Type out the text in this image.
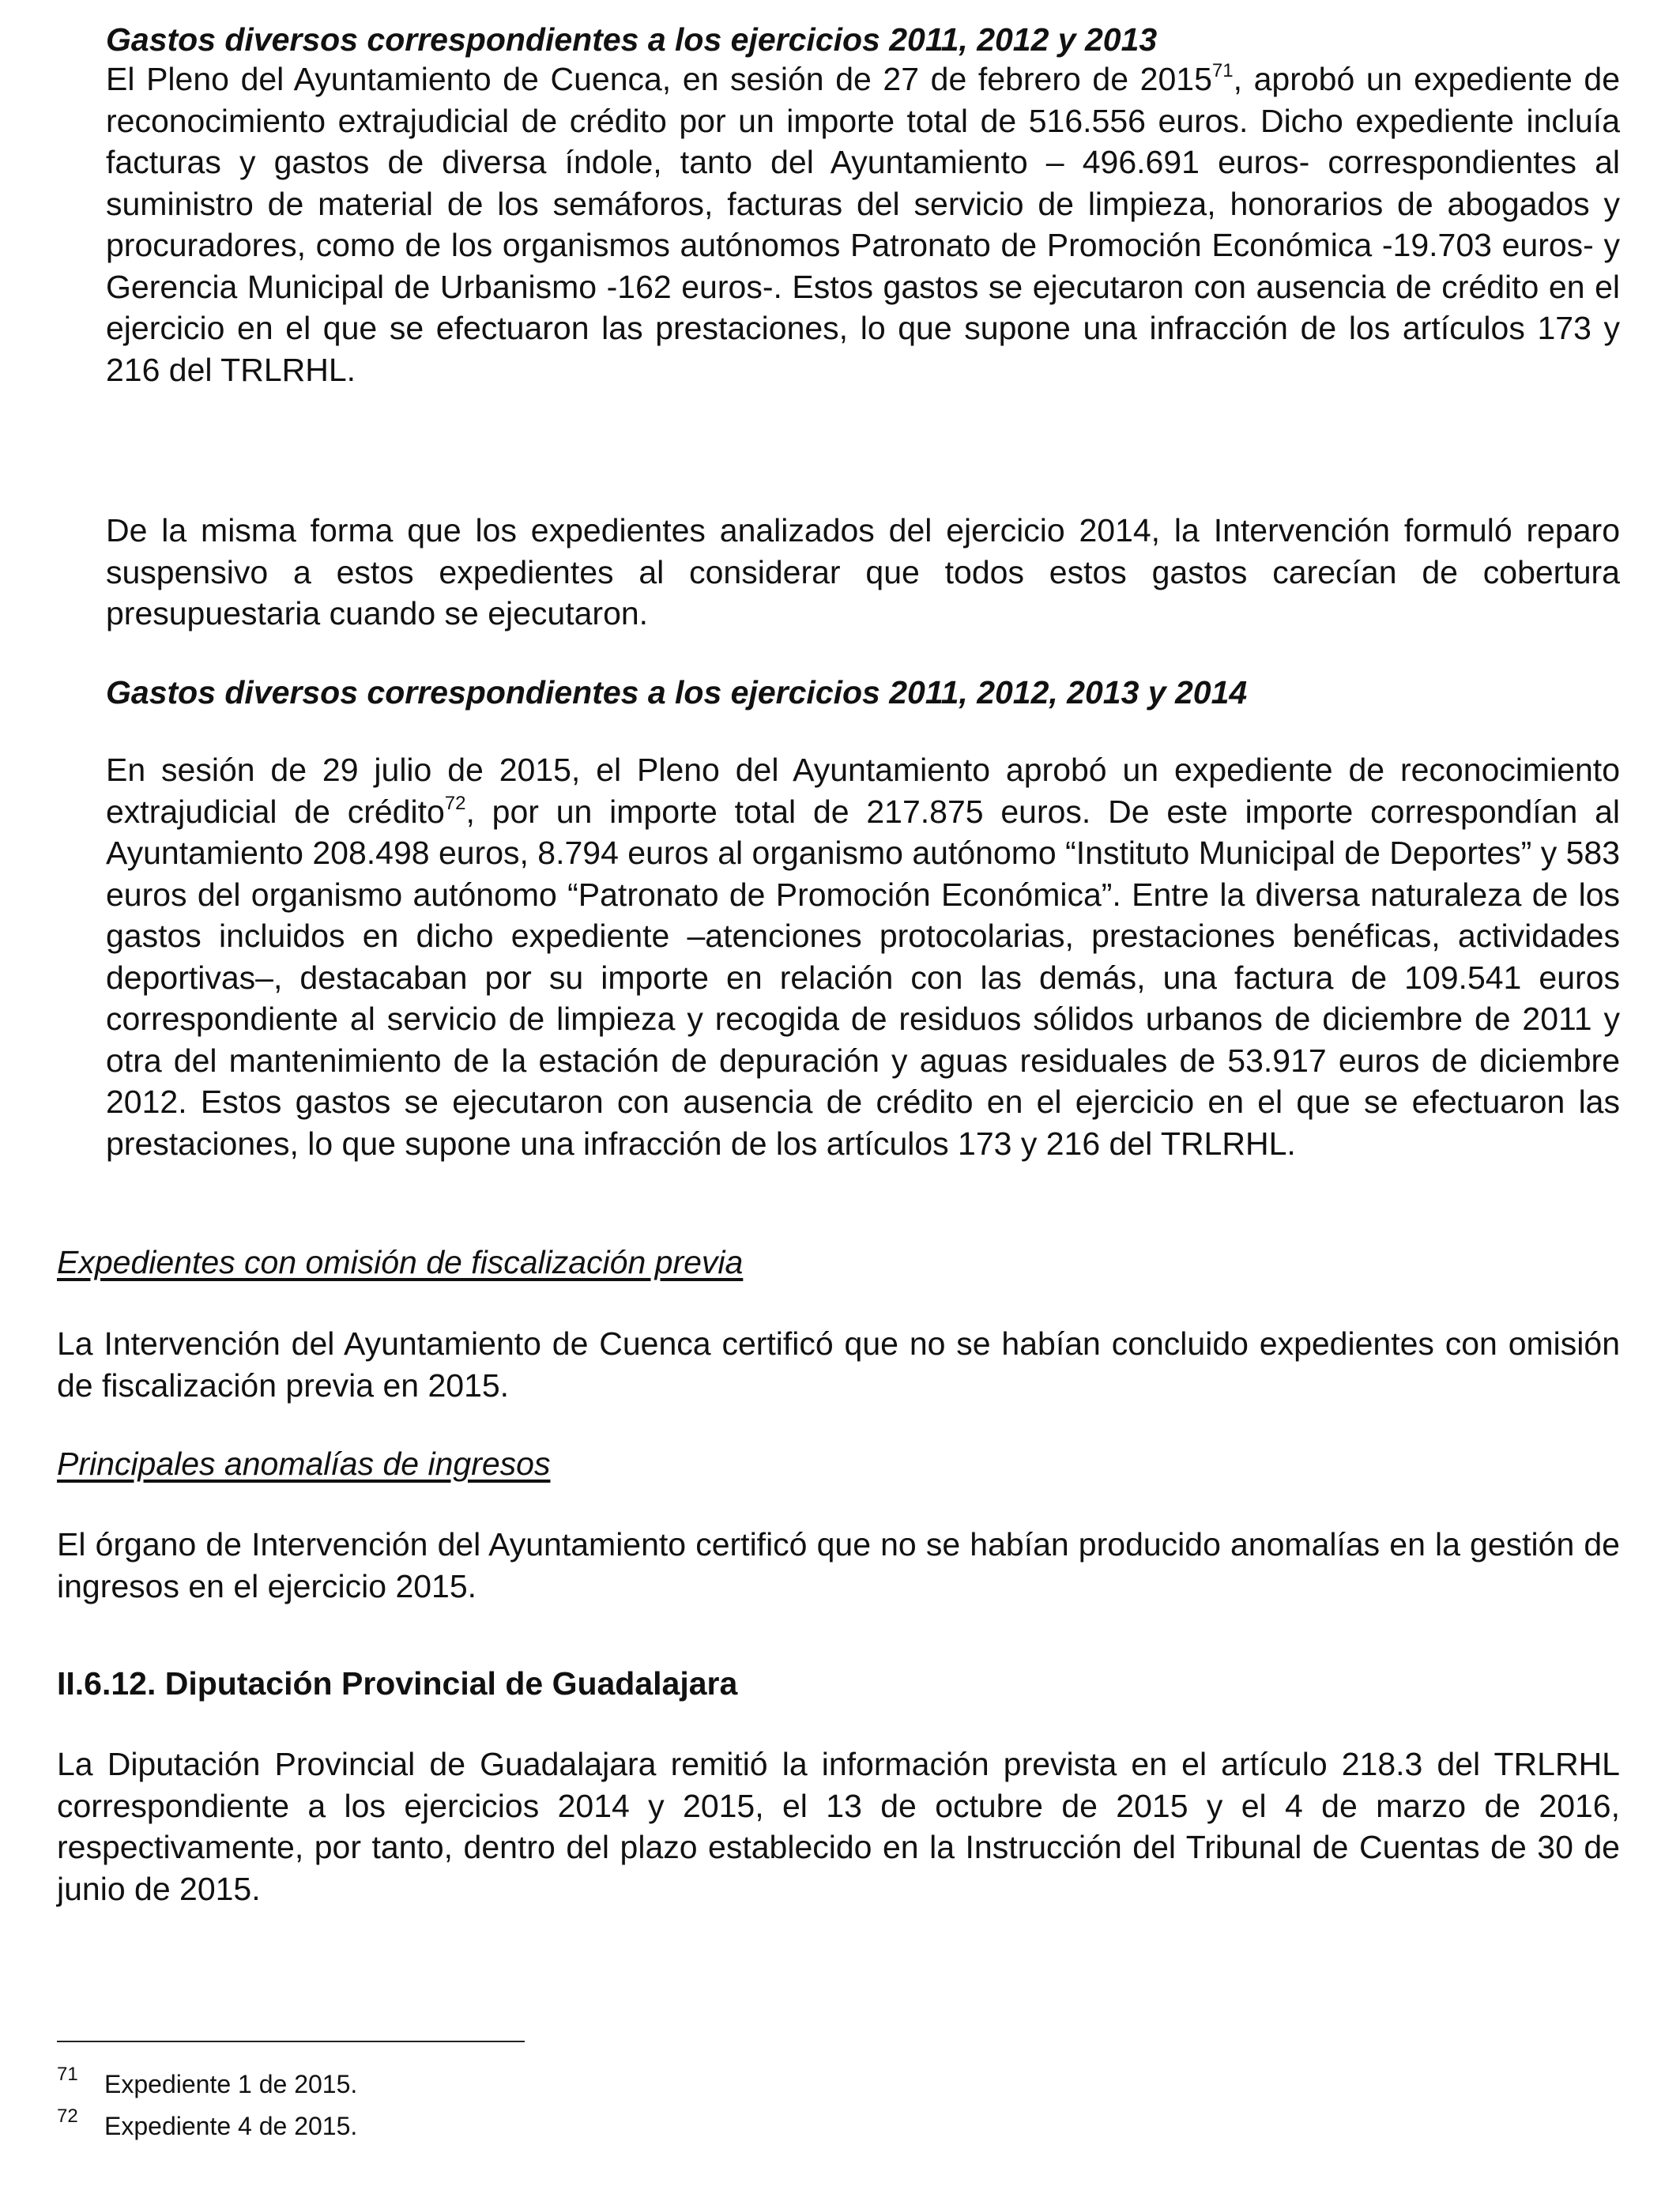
Gastos diversos correspondientes a los ejercicios 2011, 2012 y 2013

El Pleno del Ayuntamiento de Cuenca, en sesión de 27 de febrero de 2015$^{71}$, aprobó un expediente de reconocimiento extrajudicial de crédito por un importe total de 516.556 euros. Dicho expediente incluía facturas y gastos de diversa índole, tanto del Ayuntamiento – 496.691 euros- correspondientes al suministro de material de los semáforos, facturas del servicio de limpieza, honorarios de abogados y procuradores, como de los organismos autónomos Patronato de Promoción Económica -19.703 euros- y Gerencia Municipal de Urbanismo -162 euros-. Estos gastos se ejecutaron con ausencia de crédito en el ejercicio en el que se efectuaron las prestaciones, lo que supone una infracción de los artículos 173 y 216 del TRLRHL.

De la misma forma que los expedientes analizados del ejercicio 2014, la Intervención formuló reparo suspensivo a estos expedientes al considerar que todos estos gastos carecían de cobertura presupuestaria cuando se ejecutaron.

Gastos diversos correspondientes a los ejercicios 2011, 2012, 2013 y 2014

En sesión de 29 julio de 2015, el Pleno del Ayuntamiento aprobó un expediente de reconocimiento extrajudicial de crédito$^{72}$, por un importe total de 217.875 euros. De este importe correspondían al Ayuntamiento 208.498 euros, 8.794 euros al organismo autónomo “Instituto Municipal de Deportes” y 583 euros del organismo autónomo “Patronato de Promoción Económica”. Entre la diversa naturaleza de los gastos incluidos en dicho expediente –atenciones protocolarias, prestaciones benéficas, actividades deportivas–, destacaban por su importe en relación con las demás, una factura de 109.541 euros correspondiente al servicio de limpieza y recogida de residuos sólidos urbanos de diciembre de 2011 y otra del mantenimiento de la estación de depuración y aguas residuales de 53.917 euros de diciembre 2012. Estos gastos se ejecutaron con ausencia de crédito en el ejercicio en el que se efectuaron las prestaciones, lo que supone una infracción de los artículos 173 y 216 del TRLRHL.

Expedientes con omisión de fiscalización previa

La Intervención del Ayuntamiento de Cuenca certificó que no se habían concluido expedientes con omisión de fiscalización previa en 2015.

Principales anomalías de ingresos

El órgano de Intervención del Ayuntamiento certificó que no se habían producido anomalías en la gestión de ingresos en el ejercicio 2015.

II.6.12. Diputación Provincial de Guadalajara

La Diputación Provincial de Guadalajara remitió la información prevista en el artículo 218.3 del TRLRHL correspondiente a los ejercicios 2014 y 2015, el 13 de octubre de 2015 y el 4 de marzo de 2016, respectivamente, por tanto, dentro del plazo establecido en la Instrucción del Tribunal de Cuentas de 30 de junio de 2015.

71 Expediente 1 de 2015.
72 Expediente 4 de 2015.
